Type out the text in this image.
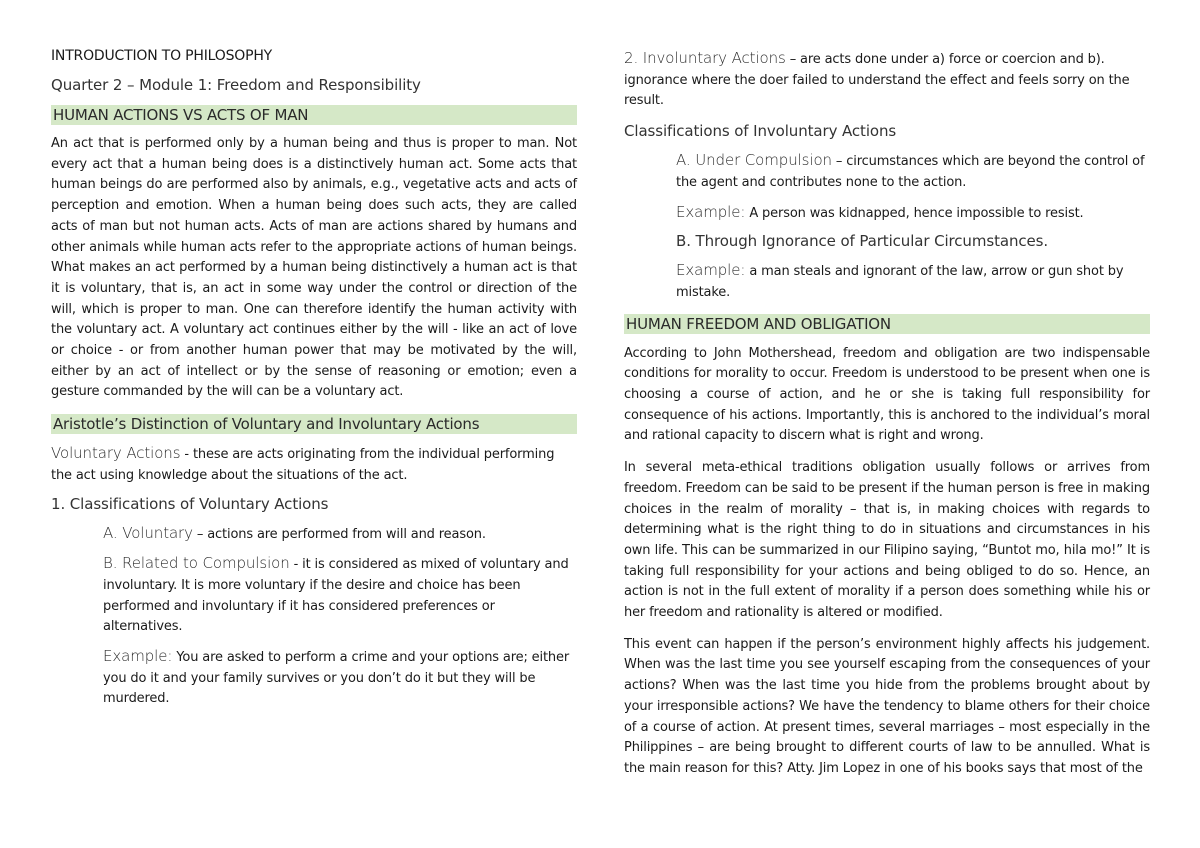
INTRODUCTION TO PHILOSOPHY

Quarter 2 – Module 1: Freedom and Responsibility

HUMAN ACTIONS VS ACTS OF MAN

An act that is performed only by a human being and thus is proper to man. Not every act that a human being does is a distinctively human act. Some acts that human beings do are performed also by animals, e.g., vegetative acts and acts of perception and emotion. When a human being does such acts, they are called acts of man but not human acts. Acts of man are actions shared by humans and other animals while human acts refer to the appropriate actions of human beings. What makes an act performed by a human being distinctively a human act is that it is voluntary, that is, an act in some way under the control or direction of the will, which is proper to man. One can therefore identify the human activity with the voluntary act. A voluntary act continues either by the will - like an act of love or choice - or from another human power that may be motivated by the will, either by an act of intellect or by the sense of reasoning or emotion; even a gesture commanded by the will can be a voluntary act.

Aristotle’s Distinction of Voluntary and Involuntary Actions

Voluntary Actions - these are acts originating from the individual performing the act using knowledge about the situations of the act.

1. Classifications of Voluntary Actions

A. Voluntary – actions are performed from will and reason.

B. Related to Compulsion - it is considered as mixed of voluntary and involuntary. It is more voluntary if the desire and choice has been performed and involuntary if it has considered preferences or alternatives.

Example: You are asked to perform a crime and your options are; either you do it and your family survives or you don’t do it but they will be murdered.

2. Involuntary Actions – are acts done under a) force or coercion and b). ignorance where the doer failed to understand the effect and feels sorry on the result.

Classifications of Involuntary Actions

A. Under Compulsion – circumstances which are beyond the control of the agent and contributes none to the action.

Example: A person was kidnapped, hence impossible to resist.

B. Through Ignorance of Particular Circumstances.

Example: a man steals and ignorant of the law, arrow or gun shot by mistake.

HUMAN FREEDOM AND OBLIGATION

According to John Mothershead, freedom and obligation are two indispensable conditions for morality to occur. Freedom is understood to be present when one is choosing a course of action, and he or she is taking full responsibility for consequence of his actions. Importantly, this is anchored to the individual’s moral and rational capacity to discern what is right and wrong.

In several meta-ethical traditions obligation usually follows or arrives from freedom. Freedom can be said to be present if the human person is free in making choices in the realm of morality – that is, in making choices with regards to determining what is the right thing to do in situations and circumstances in his own life. This can be summarized in our Filipino saying, “Buntot mo, hila mo!” It is taking full responsibility for your actions and being obliged to do so. Hence, an action is not in the full extent of morality if a person does something while his or her freedom and rationality is altered or modified.

This event can happen if the person’s environment highly affects his judgement. When was the last time you see yourself escaping from the consequences of your actions? When was the last time you hide from the problems brought about by your irresponsible actions? We have the tendency to blame others for their choice of a course of action. At present times, several marriages – most especially in the Philippines – are being brought to different courts of law to be annulled. What is the main reason for this? Atty. Jim Lopez in one of his books says that most of the
